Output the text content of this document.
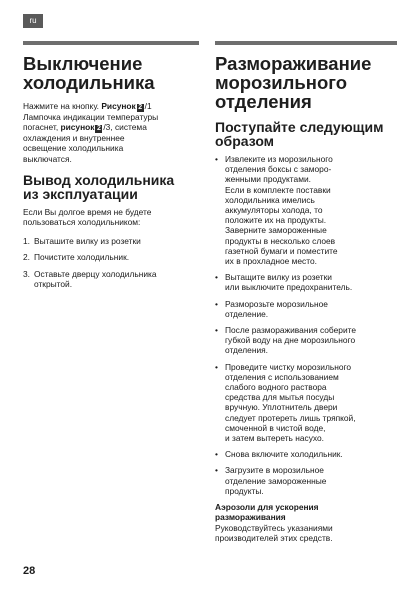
ru
Выключение
холодильника

Нажмите на кнопку. Рисунок 2 /1
Лампочка индикации температуры
погаснет, рисунок 2 /3, система
охлаждения и внутреннее
освещение холодильника
выключатся.

Вывод холодильника
из эксплуатации

Если Вы долгое время не будете
пользоваться холодильником:

1. Выташите вилку из розетки
2. Почистите холодильник.
3. Оставьте дверцу холодильника
открытой.
Размораживание
морозильного
отделения
Поступайте следующим
образом
• Извлеките из морозильного
отделения боксы с заморо-
женными продуктами.
Если в комплекте поставки
холодильника имелись
аккумуляторы холода, то
положите их на продукты.
Заверните замороженные
продукты в несколько слоев
газетной бумаги и поместите
их в прохладное место.
• Вытащите вилку из розетки
или выключите предохранитель.
• Разморозьте морозильное
отделение.
• После размораживания соберите
губкой воду на дне морозильного
отделения.
• Проведите чистку морозильного
отделения с использованием
слабого водного раствора
средства для мытья посуды
вручную. Уплотнитель двери
следует протереть лишь тряпкой,
смоченной в чистой воде,
и затем вытереть насухо.
• Снова включите холодильник.
• Загрузите в морозильное
отделение замороженные
продукты.

Аэрозоли для ускорения
размораживания

Руководствуйтесь указаниями
производителей этих средств.

28
